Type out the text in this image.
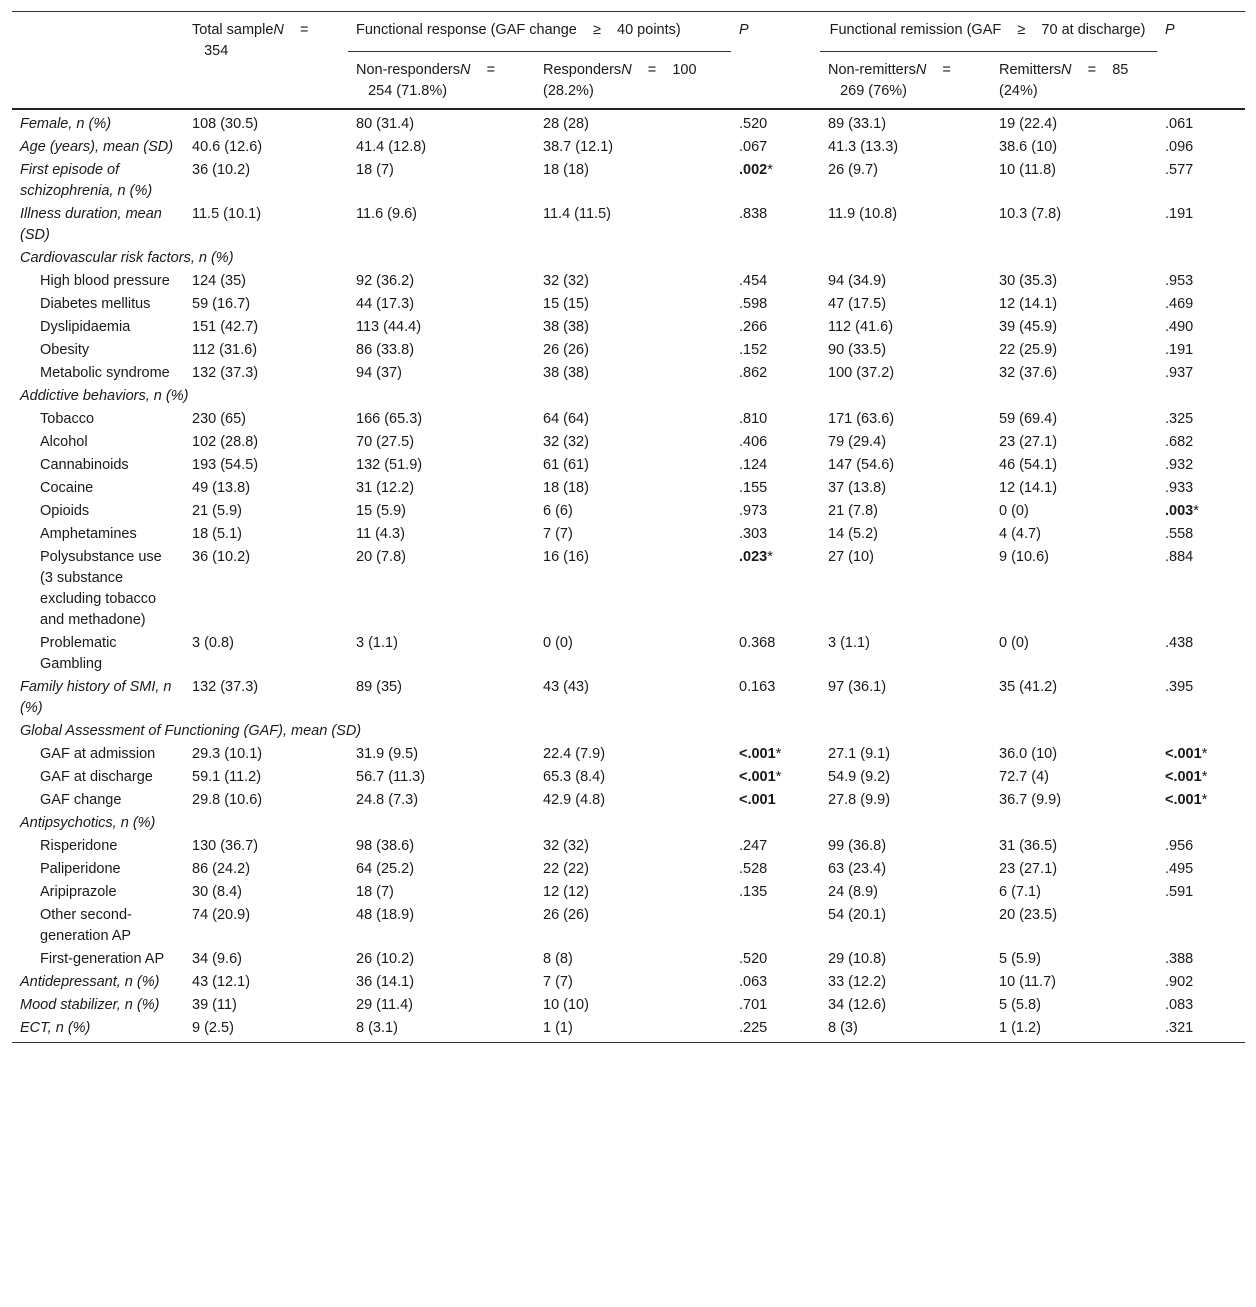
	Total sampleN    =    354	Functional response (GAF change    ≥    40 points)		P	Functional remission (GAF    ≥    70 at discharge)		P
		Non-respondersN    =    254 (71.8%)	RespondersN    =    100 (28.2%)		Non-remittersN    =    269 (76%)	RemittersN    =    85 (24%)	
Female, n (%)	108 (30.5)	80 (31.4)	28 (28)	.520	89 (33.1)	19 (22.4)	.061
Age (years), mean (SD)	40.6 (12.6)	41.4 (12.8)	38.7 (12.1)	.067	41.3 (13.3)	38.6 (10)	.096
First episode of schizophrenia, n (%)	36 (10.2)	18 (7)	18 (18)	.002*	26 (9.7)	10 (11.8)	.577
Illness duration, mean (SD)	11.5 (10.1)	11.6 (9.6)	11.4 (11.5)	.838	11.9 (10.8)	10.3 (7.8)	.191
Cardiovascular risk factors, n (%)							
High blood pressure	124 (35)	92 (36.2)	32 (32)	.454	94 (34.9)	30 (35.3)	.953
Diabetes mellitus	59 (16.7)	44 (17.3)	15 (15)	.598	47 (17.5)	12 (14.1)	.469
Dyslipidaemia	151 (42.7)	113 (44.4)	38 (38)	.266	112 (41.6)	39 (45.9)	.490
Obesity	112 (31.6)	86 (33.8)	26 (26)	.152	90 (33.5)	22 (25.9)	.191
Metabolic syndrome	132 (37.3)	94 (37)	38 (38)	.862	100 (37.2)	32 (37.6)	.937
Addictive behaviors, n (%)							
Tobacco	230 (65)	166 (65.3)	64 (64)	.810	171 (63.6)	59 (69.4)	.325
Alcohol	102 (28.8)	70 (27.5)	32 (32)	.406	79 (29.4)	23 (27.1)	.682
Cannabinoids	193 (54.5)	132 (51.9)	61 (61)	.124	147 (54.6)	46 (54.1)	.932
Cocaine	49 (13.8)	31 (12.2)	18 (18)	.155	37 (13.8)	12 (14.1)	.933
Opioids	21 (5.9)	15 (5.9)	6 (6)	.973	21 (7.8)	0 (0)	.003*
Amphetamines	18 (5.1)	11 (4.3)	7 (7)	.303	14 (5.2)	4 (4.7)	.558
Polysubstance use (3 substance excluding tobacco and methadone)	36 (10.2)	20 (7.8)	16 (16)	.023*	27 (10)	9 (10.6)	.884
Problematic Gambling	3 (0.8)	3 (1.1)	0 (0)	0.368	3 (1.1)	0 (0)	.438
Family history of SMI, n (%)	132 (37.3)	89 (35)	43 (43)	0.163	97 (36.1)	35 (41.2)	.395
Global Assessment of Functioning (GAF), mean (SD)							
GAF at admission	29.3 (10.1)	31.9 (9.5)	22.4 (7.9)	<.001*	27.1 (9.1)	36.0 (10)	<.001*
GAF at discharge	59.1 (11.2)	56.7 (11.3)	65.3 (8.4)	<.001*	54.9 (9.2)	72.7 (4)	<.001*
GAF change	29.8 (10.6)	24.8 (7.3)	42.9 (4.8)	<.001	27.8 (9.9)	36.7 (9.9)	<.001*
Antipsychotics, n (%)							
Risperidone	130 (36.7)	98 (38.6)	32 (32)	.247	99 (36.8)	31 (36.5)	.956
Paliperidone	86 (24.2)	64 (25.2)	22 (22)	.528	63 (23.4)	23 (27.1)	.495
Aripiprazole	30 (8.4)	18 (7)	12 (12)	.135	24 (8.9)	6 (7.1)	.591
Other second-generation AP	74 (20.9)	48 (18.9)	26 (26)		54 (20.1)	20 (23.5)	
First-generation AP	34 (9.6)	26 (10.2)	8 (8)	.520	29 (10.8)	5 (5.9)	.388
Antidepressant, n (%)	43 (12.1)	36 (14.1)	7 (7)	.063	33 (12.2)	10 (11.7)	.902
Mood stabilizer, n (%)	39 (11)	29 (11.4)	10 (10)	.701	34 (12.6)	5 (5.8)	.083
ECT, n (%)	9 (2.5)	8 (3.1)	1 (1)	.225	8 (3)	1 (1.2)	.321
